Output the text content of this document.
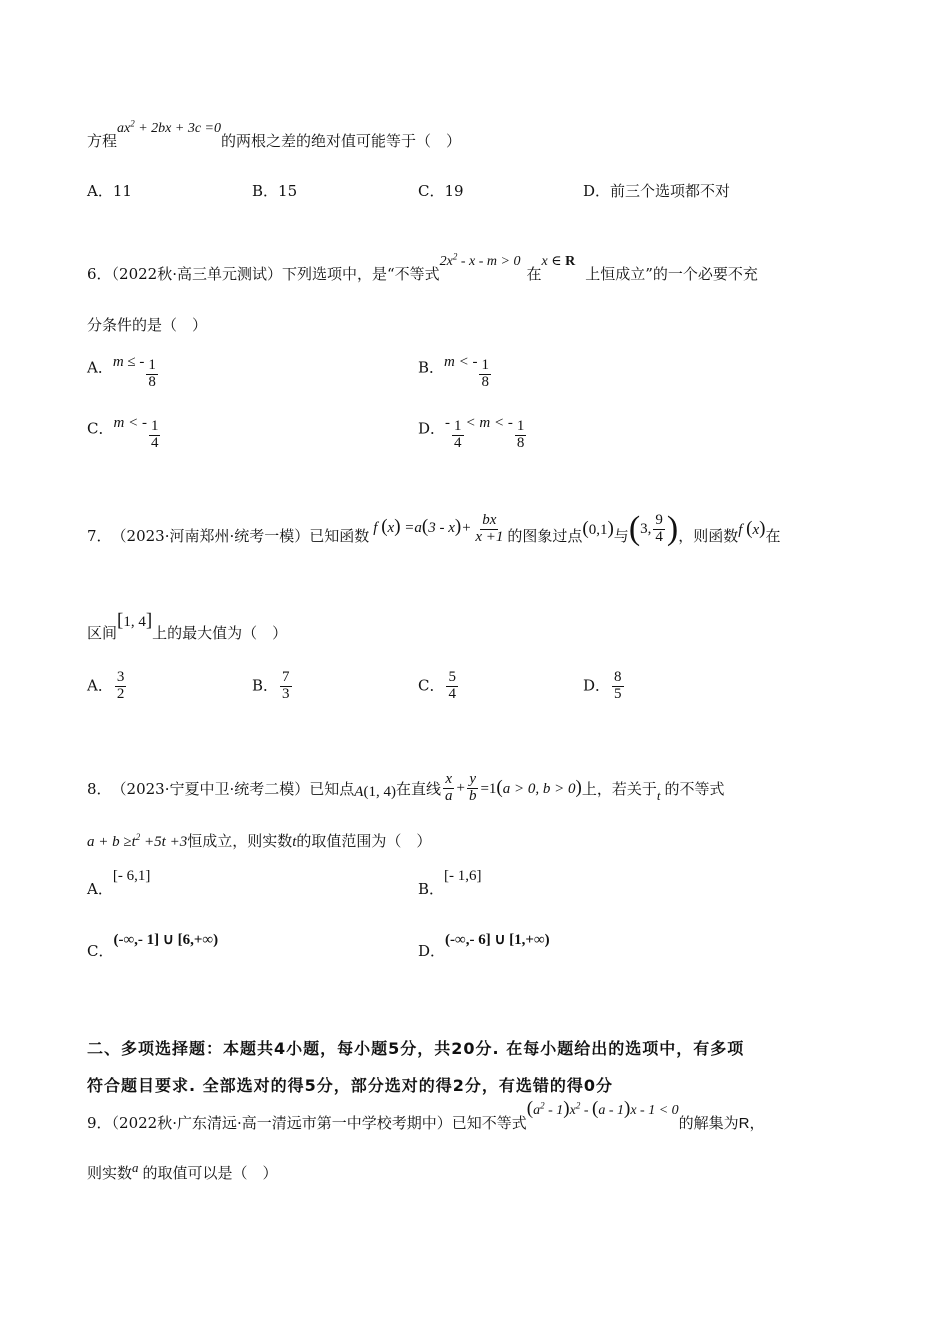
方程$ax^2 + 2bx + 3c =0$的两根之差的绝对值可能等于（　）
A．11	B．15	C．19	D．前三个选项都不对
6．（2022秋·高三单元测试）下列选项中，是“不等式$2x^2 - x - m > 0$在x ∈ R上恒成立”的一个必要不充
分条件的是（　）
A．m ≤ - $\frac{1}{8}$	B．m < - $\frac{1}{8}$
C．m < - $\frac{1}{4}$	D．- $\frac{1}{4} < m$ < - $\frac{1}{8}$
7． （2023·河南郑州·统考一模） 已知函数 f $(x) =a(3 - x)+ \frac{bx}{x +1}$ 的图象过点 (0,1) 与 ( 3, $\frac{9}{4}$ ) ，则函数 f (x) 在
区间[1, 4]上的最大值为（　）
A． $\frac{3}{2}$	B． $\frac{7}{3}$	C． $\frac{5}{4}$	D． $\frac{8}{5}$
8． （2023·宁夏中卫·统考二模） 已知点 A(1, 4) 在直线 $\frac{x}{a} + \frac{y}{b} =1(a > 0$, b > 0) 上，若关于 t 的不等式
$a + b \ge t^2 +5t +3$恒成立，则实数t的取值范围为（　）
A．[- 6,1]
B．[- 1,6]
C．(-∞,- 1] ∪ [6,+∞)
D．(-∞,- 6] ∪ [1,+∞)
二、多项选择题：本题共4小题，每小题5分，共20分. 在每小题给出的选项中，有多项
符合题目要求. 全部选对的得5分，部分选对的得2分，有选错的得0分
9．（2022秋·广东清远·高一清远市第一中学校考期中）已知不等式$(a^2 - 1)x^2 - (a - 1)x - 1 < 0$的解集为R，
则实数a 的取值可以是（　）
